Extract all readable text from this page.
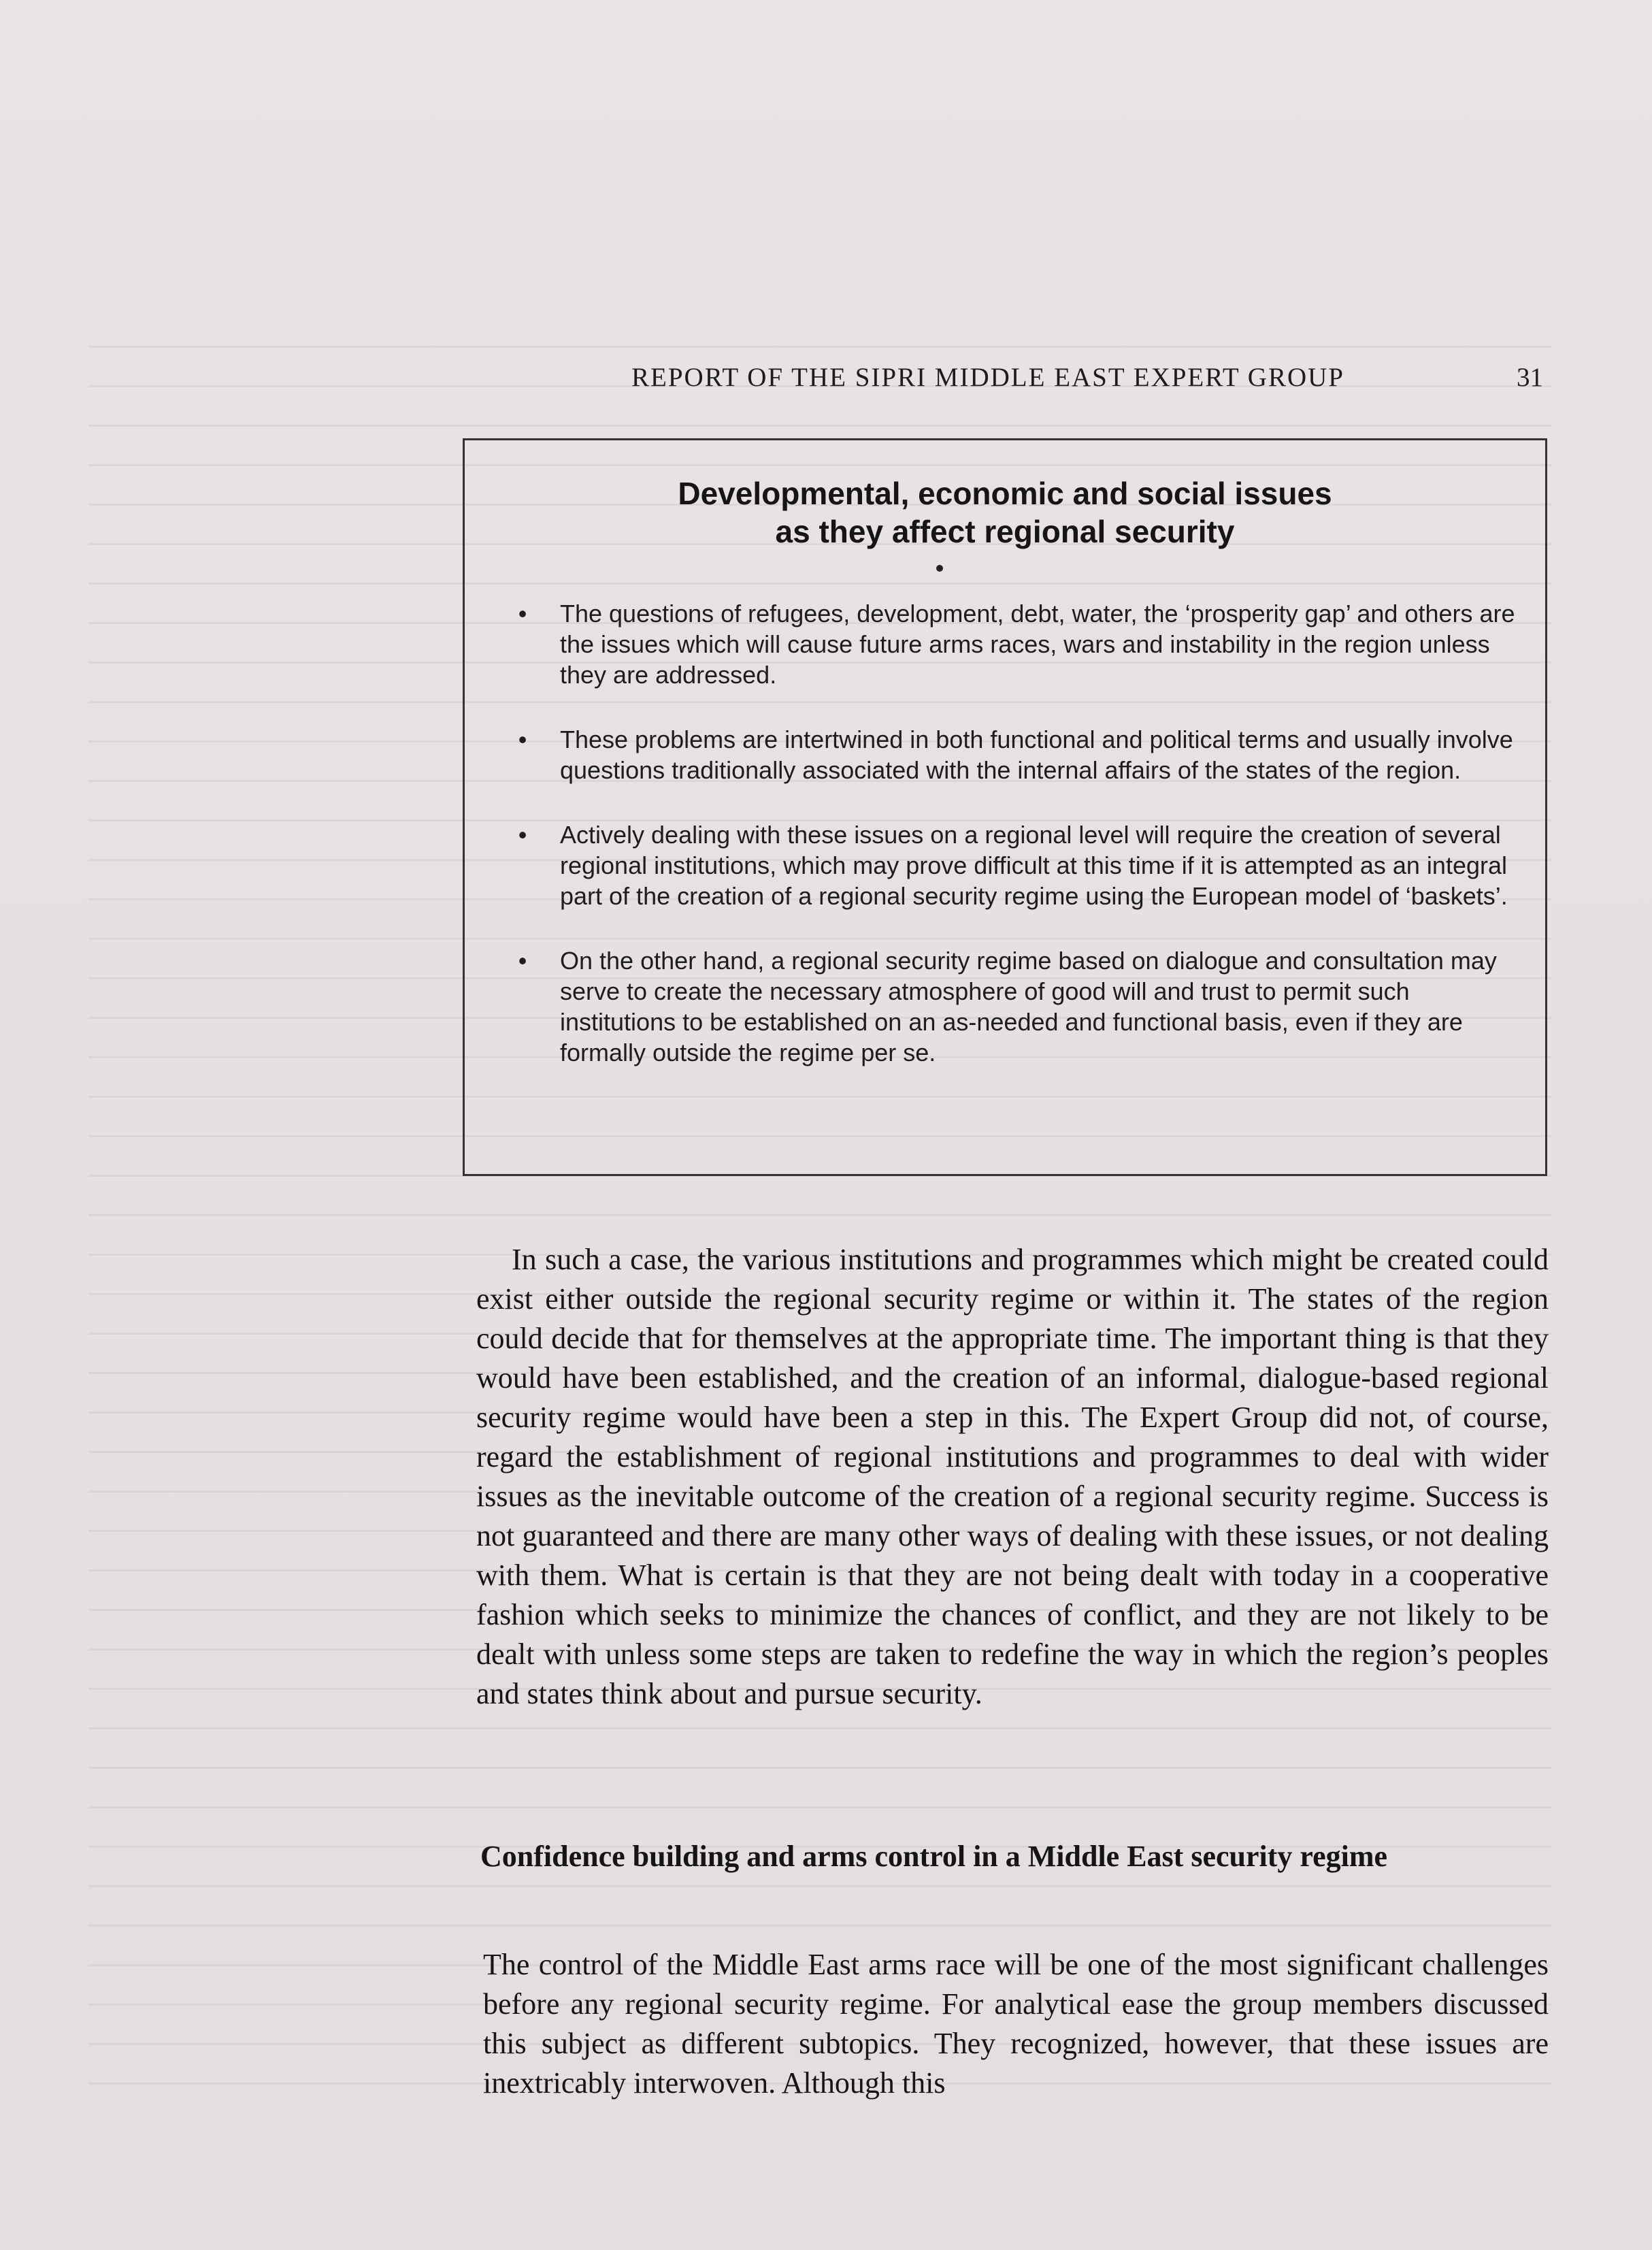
REPORT OF THE SIPRI MIDDLE EAST EXPERT GROUP	31
Developmental, economic and social issues
as they affect regional security
• The questions of refugees, development, debt, water, the ‘prosperity gap’ and others are the issues which will cause future arms races, wars and instability in the region unless they are addressed.
• These problems are intertwined in both functional and political terms and usually involve questions traditionally associated with the internal affairs of the states of the region.
• Actively dealing with these issues on a regional level will require the creation of several regional institutions, which may prove difficult at this time if it is attempted as an integral part of the creation of a regional security regime using the European model of ‘baskets’.
• On the other hand, a regional security regime based on dialogue and consultation may serve to create the necessary atmosphere of good will and trust to permit such institutions to be established on an as-needed and functional basis, even if they are formally outside the regime per se.

In such a case, the various institutions and programmes which might be created could exist either outside the regional security regime or within it. The states of the region could decide that for themselves at the appropriate time. The important thing is that they would have been established, and the creation of an informal, dialogue-based regional security regime would have been a step in this. The Expert Group did not, of course, regard the establishment of regional institutions and programmes to deal with wider issues as the inevitable outcome of the creation of a regional security regime. Success is not guaranteed and there are many other ways of dealing with these issues, or not dealing with them. What is certain is that they are not being dealt with today in a cooperative fashion which seeks to minimize the chances of conflict, and they are not likely to be dealt with unless some steps are taken to redefine the way in which the region’s peoples and states think about and pursue security.

Confidence building and arms control in a Middle East security regime

The control of the Middle East arms race will be one of the most significant challenges before any regional security regime. For analytical ease the group members discussed this subject as different subtopics. They recognized, however, that these issues are inextricably interwoven. Although this
